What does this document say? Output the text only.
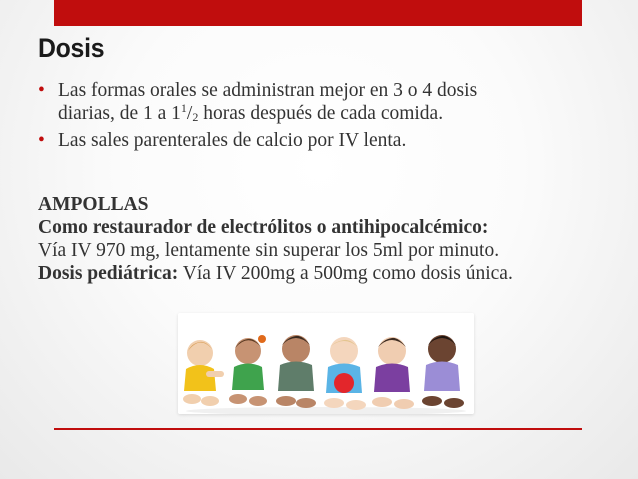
Dosis
• Las formas orales se administran mejor en 3 o 4 dosis
diarias, de 1 a $1^1/2$ horas después de cada comida.
• Las sales parenterales de calcio por IV lenta.
AMPOLLAS
Como restaurador de electrólitos o antihipocalcémico:
Vía IV 970 mg, lentamente sin superar los 5ml por minuto.
Dosis pediátrica: Vía IV 200mg a 500mg como dosis única.
